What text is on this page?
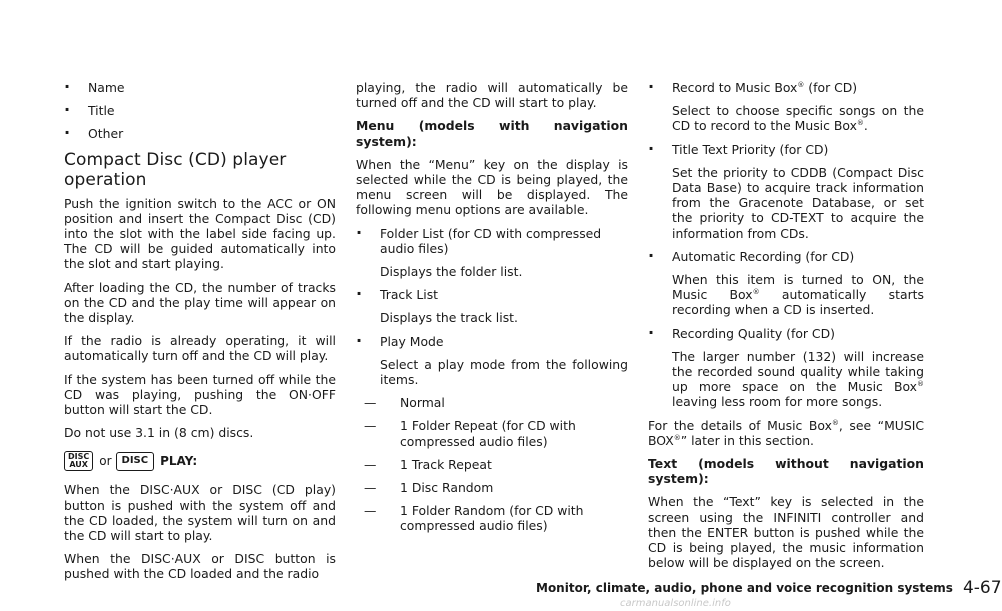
. Name
. Title
. Other
Compact Disc (CD) player operation

Push the ignition switch to the ACC or ON position and insert the Compact Disc (CD) into the slot with the label side facing up. The CD will be guided automatically into the slot and start playing.

After loading the CD, the number of tracks on the CD and the play time will appear on the display.

If the radio is already operating, it will automatically turn off and the CD will play.

If the system has been turned off while the CD was playing, pushing the ON·OFF button will start the CD.

Do not use 3.1 in (8 cm) discs.

DISC
AUX or DISC PLAY:

When the DISC·AUX or DISC (CD play) button is pushed with the system off and the CD loaded, the system will turn on and the CD will start to play.

When the DISC·AUX or DISC button is pushed with the CD loaded and the radio

playing, the radio will automatically be turned off and the CD will start to play.

Menu (models with navigation system):

When the “Menu” key on the display is selected while the CD is being played, the menu screen will be displayed. The following menu options are available.

. Folder List (for CD with compressed audio files)

Displays the folder list.

. Track List

Displays the track list.

. Play Mode

Select a play mode from the following items.

— Normal
— 1 Folder Repeat (for CD with compressed audio files)
— 1 Track Repeat
— 1 Disc Random
— 1 Folder Random (for CD with compressed audio files)
. Record to Music Box® (for CD)

Select to choose specific songs on the CD to record to the Music Box®.

. Title Text Priority (for CD)

Set the priority to CDDB (Compact Disc Data Base) to acquire track information from the Gracenote Database, or set the priority to CD-TEXT to acquire the information from CDs.

. Automatic Recording (for CD)

When this item is turned to ON, the Music Box® automatically starts recording when a CD is inserted.

. Recording Quality (for CD)

The larger number (132) will increase the recorded sound quality while taking up more space on the Music Box® leaving less room for more songs.

For the details of Music Box®, see “MUSIC BOX®” later in this section.

Text (models without navigation system):

When the “Text” key is selected in the screen using the INFINITI controller and then the ENTER button is pushed while the CD is being played, the music information below will be displayed on the screen.

Monitor, climate, audio, phone and voice recognition systems 4-67
carmanualsonline.info
